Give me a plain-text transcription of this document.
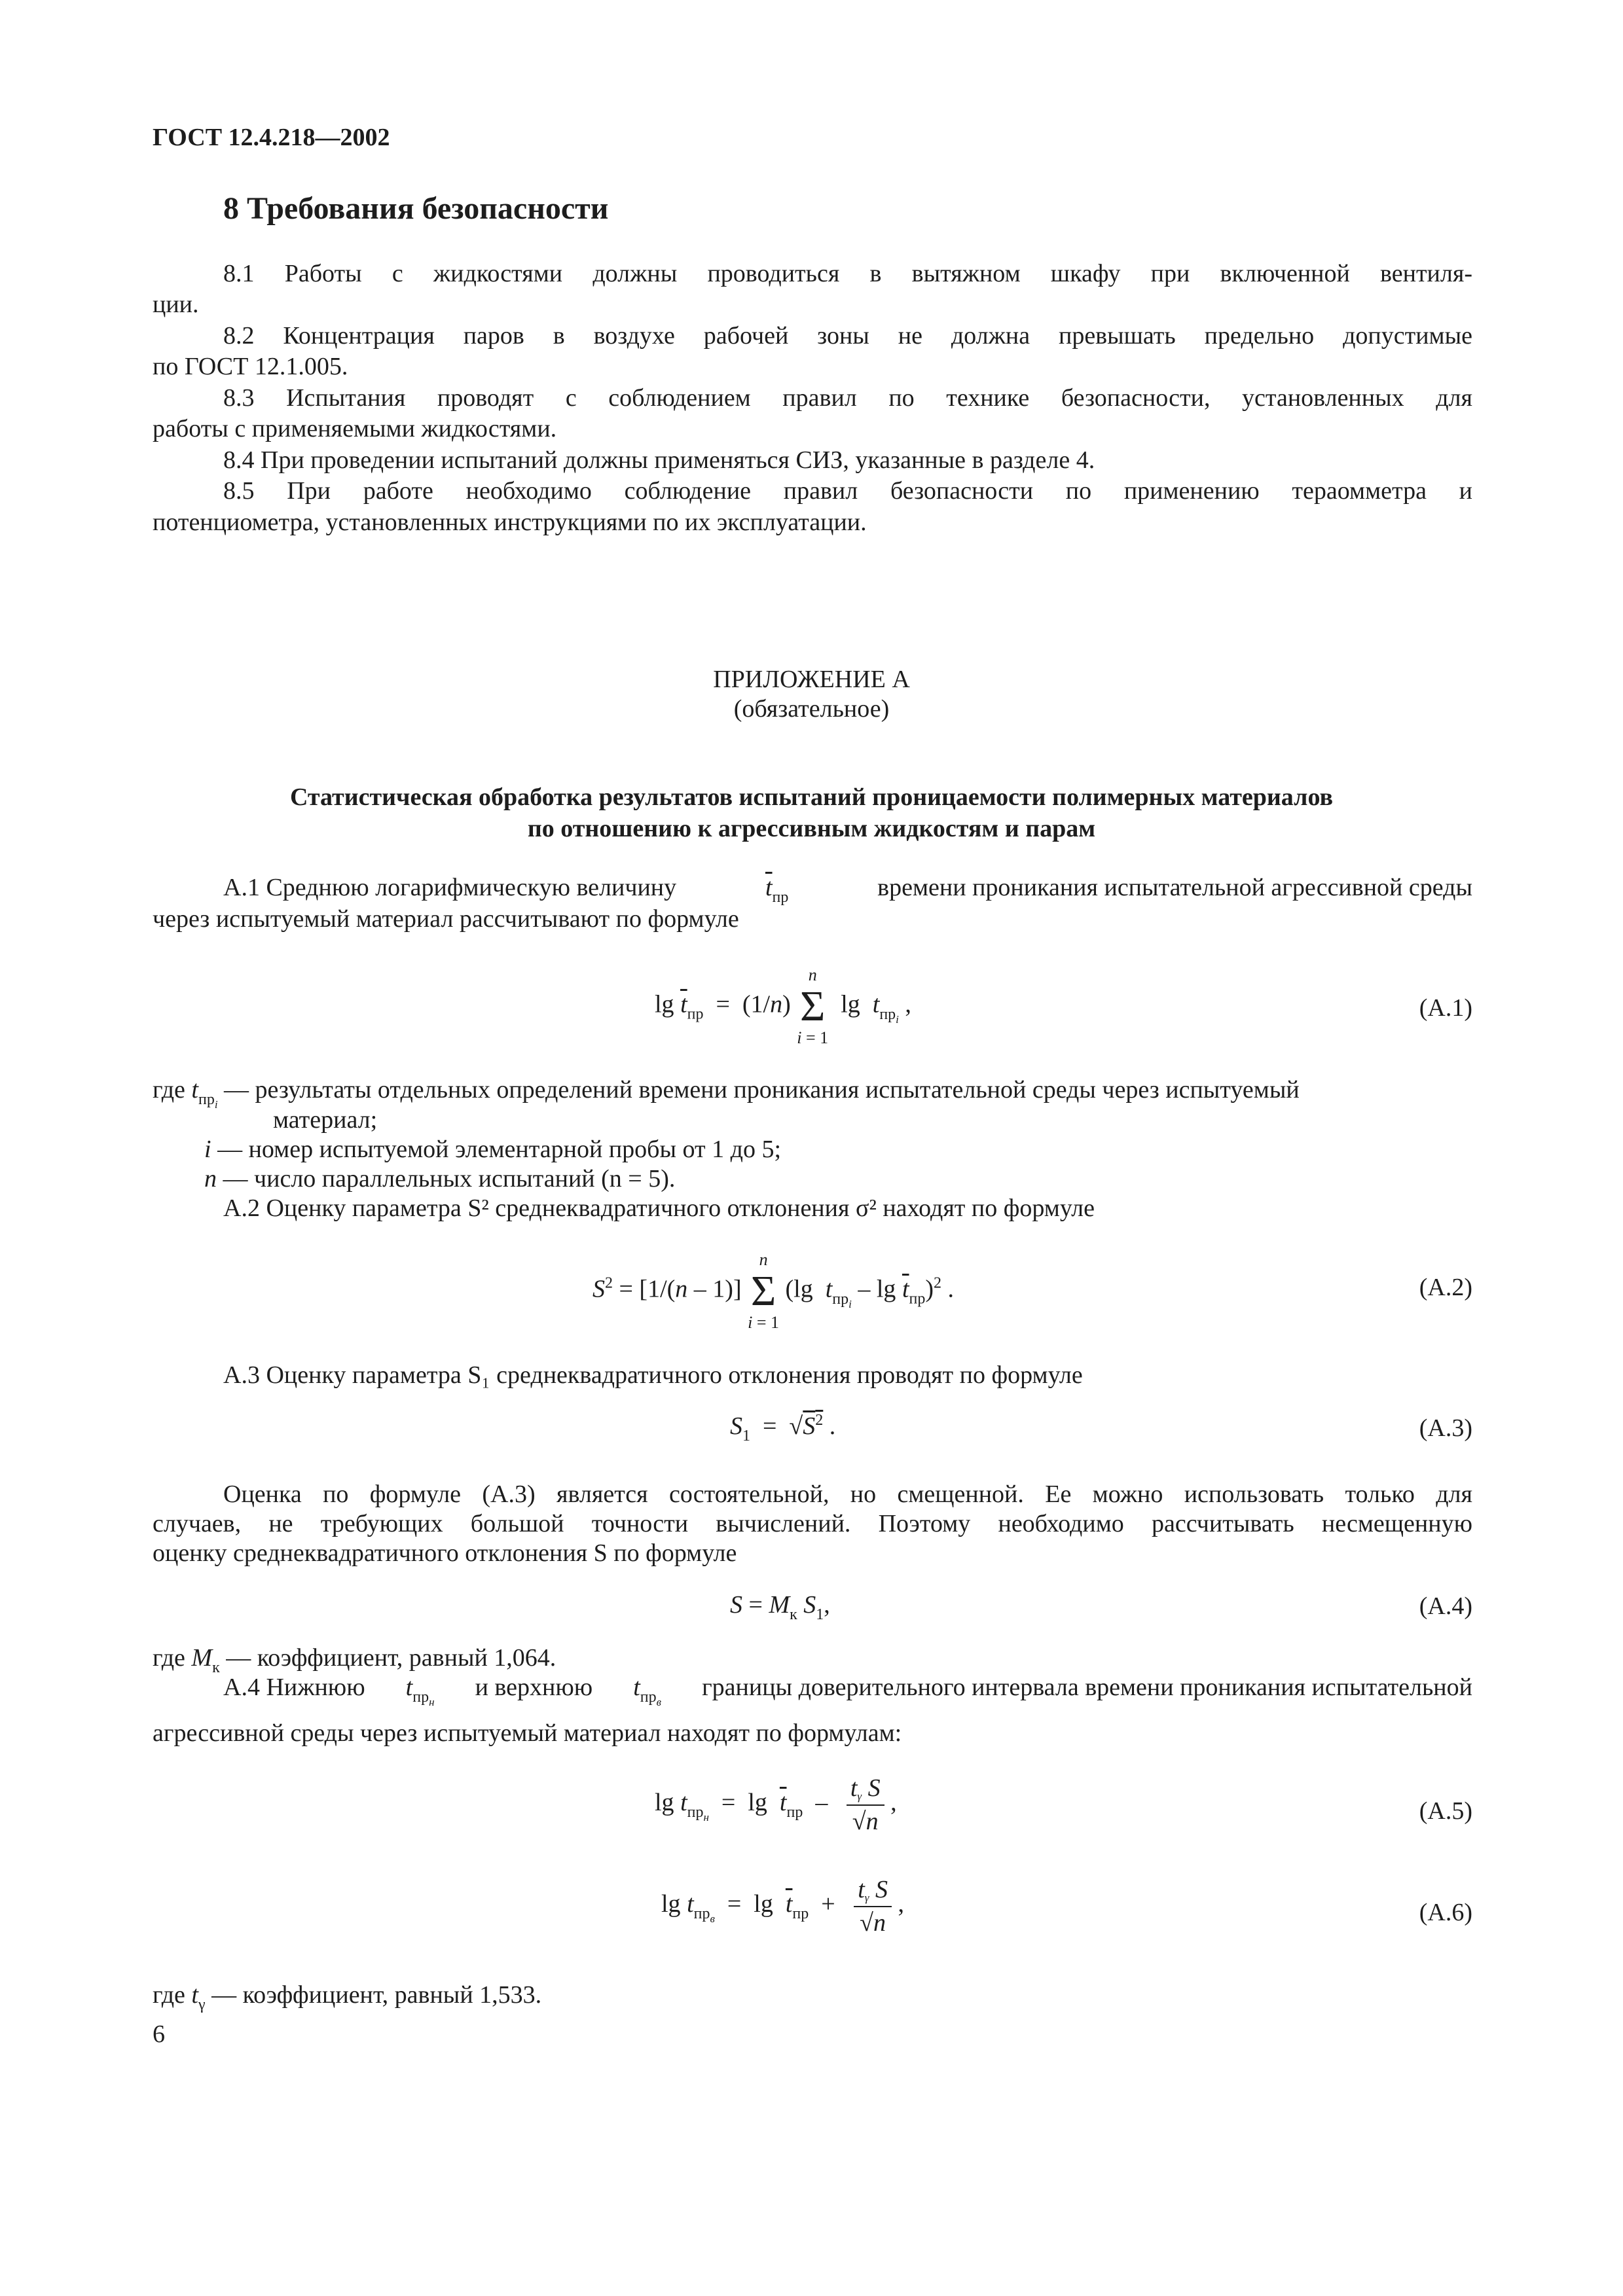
ГОСТ 12.4.218—2002
8 Требования безопасности
8.1 Работы с жидкостями должны проводиться в вытяжном шкафу при включенной вентиля-
ции.
8.2 Концентрация паров в воздухе рабочей зоны не должна превышать предельно допустимые
по ГОСТ 12.1.005.
8.3 Испытания проводят с соблюдением правил по технике безопасности, установленных для
работы с применяемыми жидкостями.
8.4 При проведении испытаний должны применяться СИЗ, указанные в разделе 4.
8.5 При работе необходимо соблюдение правил безопасности по применению тераомметра и
потенциометра, установленных инструкциями по их эксплуатации.
ПРИЛОЖЕНИЕ А
(обязательное)
Статистическая обработка результатов испытаний проницаемости полимерных материалов
по отношению к агрессивным жидкостям и парам
А.1 Среднюю логарифмическую величину	$\overline{t}_{пр}$	времени проникания испытательной агрессивной среды
через испытуемый материал рассчитывают по формуле
$\lg \overline{t}_{пр} = (1/n)$
n
Σ
i = 1
$\lg t_{пр_i}$ ,	(А.1)
где $t_{пр_i}$ — результаты отдельных определений времени проникания испытательной среды через испытуемый
материал;
i — номер испытуемой элементарной пробы от 1 до 5;
n — число параллельных испытаний (n = 5).
А.2 Оценку параметра S² среднеквадратичного отклонения σ² находят по формуле
$S^2 = [1/(n - 1)]$
n
Σ
i = 1
(lg  $t_{пр_i}$ – $\lg \overline{t}_{пр})^2$ .	(А.2)
А.3 Оценку параметра S₁ среднеквадратичного отклонения проводят по формуле
$S_1 = √S^2$ .	(А.3)
Оценка по формуле (А.3) является состоятельной, но смещенной. Ее можно использовать только для
случаев, не требующих большой точности вычислений. Поэтому необходимо рассчитывать несмещенную
оценку среднеквадратичного отклонения S по формуле
$S = M_к$ $S_1$,	(А.4)
где $M_к$ — коэффициент, равный 1,064.
А.4 Нижнюю $t_{пр_н}$
и верхнюю $t_{пр_в}$
границы доверительного интервала времени проникания испытательной
агрессивной среды через испытуемый материал находят по формулам:
$\lg t_{пр_н} = \lg \overline{t}_{пр} - \frac{t_\gamma S}{√n}$ ,	(А.5)
$\lg t_{пр_в} = \lg \overline{t}_{пр} + \frac{t_\gamma S}{√n}$ ,	(А.6)
где $t_\gamma$ — коэффициент, равный 1,533.
6
